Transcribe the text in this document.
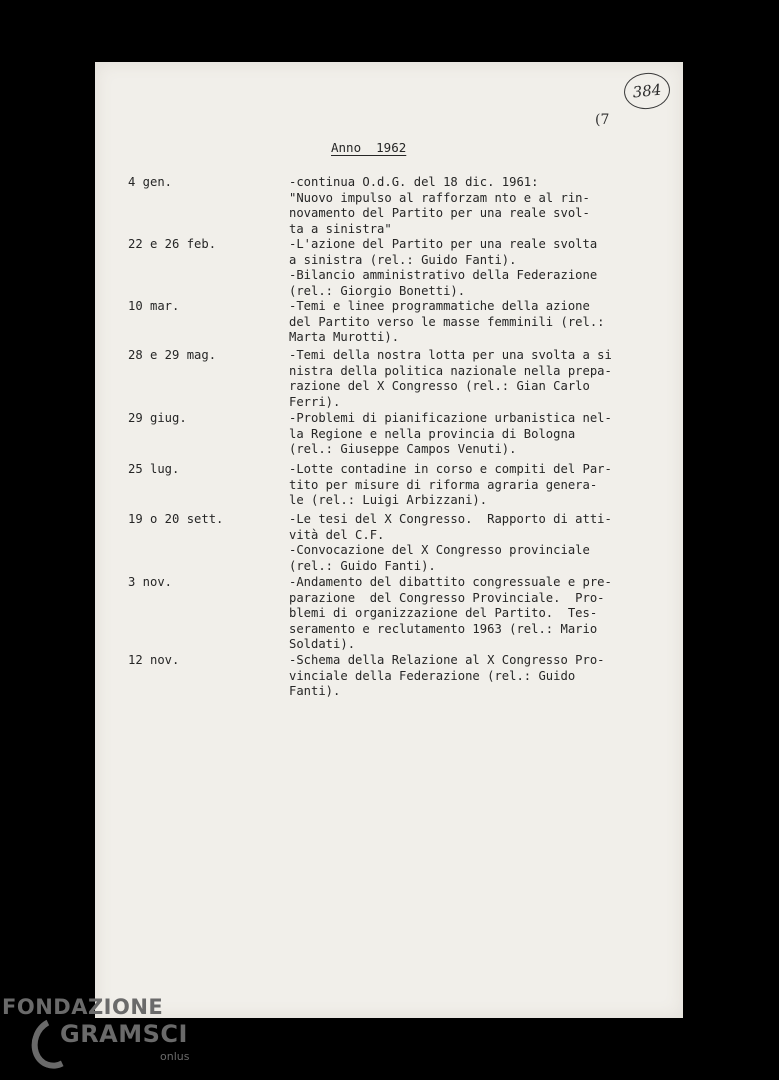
384
(7
Anno  1962
4 gen.	-continua O.d.G. del 18 dic. 1961:
"Nuovo impulso al rafforzam nto e al rin-
novamento del Partito per una reale svol-
ta a sinistra"
22 e 26 feb.	-L'azione del Partito per una reale svolta
a sinistra (rel.: Guido Fanti).
-Bilancio amministrativo della Federazione
(rel.: Giorgio Bonetti).
10 mar.	-Temi e linee programmatiche della azione
del Partito verso le masse femminili (rel.:
Marta Murotti).
28 e 29 mag.	-Temi della nostra lotta per una svolta a si
nistra della politica nazionale nella prepa-
razione del X Congresso (rel.: Gian Carlo
Ferri).
29 giug.	-Problemi di pianificazione urbanistica nel-
la Regione e nella provincia di Bologna
(rel.: Giuseppe Campos Venuti).
25 lug.	-Lotte contadine in corso e compiti del Par-
tito per misure di riforma agraria genera-
le (rel.: Luigi Arbizzani).
19 o 20 sett.	-Le tesi del X Congresso.  Rapporto di atti-
vità del C.F.
-Convocazione del X Congresso provinciale
(rel.: Guido Fanti).
3 nov.	-Andamento del dibattito congressuale e pre-
parazione  del Congresso Provinciale.  Pro-
blemi di organizzazione del Partito.  Tes-
seramento e reclutamento 1963 (rel.: Mario
Soldati).
12 nov.	-Schema della Relazione al X Congresso Pro-
vinciale della Federazione (rel.: Guido
Fanti).
FONDAZIONE
GRAMSCI
onlus
